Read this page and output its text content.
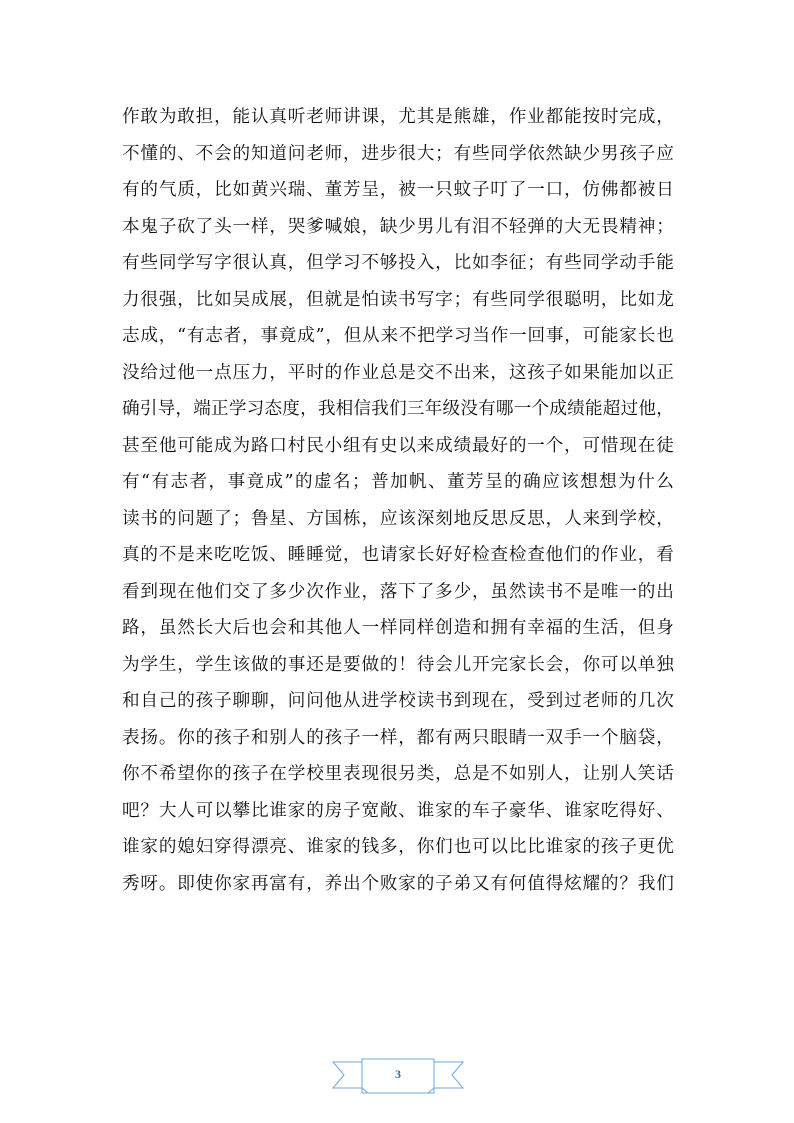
作敢为敢担，能认真听老师讲课，尤其是熊雄，作业都能按时完成，
不懂的、不会的知道问老师，进步很大；有些同学依然缺少男孩子应
有的气质，比如黄兴瑞、董芳呈，被一只蚊子叮了一口，仿佛都被日
本鬼子砍了头一样，哭爹喊娘，缺少男儿有泪不轻弹的大无畏精神；
有些同学写字很认真，但学习不够投入，比如李征；有些同学动手能
力很强，比如吴成展，但就是怕读书写字；有些同学很聪明，比如龙
志成，“有志者，事竟成”，但从来不把学习当作一回事，可能家长也
没给过他一点压力，平时的作业总是交不出来，这孩子如果能加以正
确引导，端正学习态度，我相信我们三年级没有哪一个成绩能超过他，
甚至他可能成为路口村民小组有史以来成绩最好的一个，可惜现在徒
有“有志者，事竟成”的虚名；普加帆、董芳呈的确应该想想为什么
读书的问题了；鲁星、方国栋，应该深刻地反思反思，人来到学校，
真的不是来吃吃饭、睡睡觉，也请家长好好检查检查他们的作业，看
看到现在他们交了多少次作业，落下了多少，虽然读书不是唯一的出
路，虽然长大后也会和其他人一样同样创造和拥有幸福的生活，但身
为学生，学生该做的事还是要做的！待会儿开完家长会，你可以单独
和自己的孩子聊聊，问问他从进学校读书到现在，受到过老师的几次
表扬。你的孩子和别人的孩子一样，都有两只眼睛一双手一个脑袋，
你不希望你的孩子在学校里表现很另类，总是不如别人，让别人笑话
吧？大人可以攀比谁家的房子宽敞、谁家的车子豪华、谁家吃得好、
谁家的媳妇穿得漂亮、谁家的钱多，你们也可以比比谁家的孩子更优
秀呀。即使你家再富有，养出个败家的子弟又有何值得炫耀的？我们
3
